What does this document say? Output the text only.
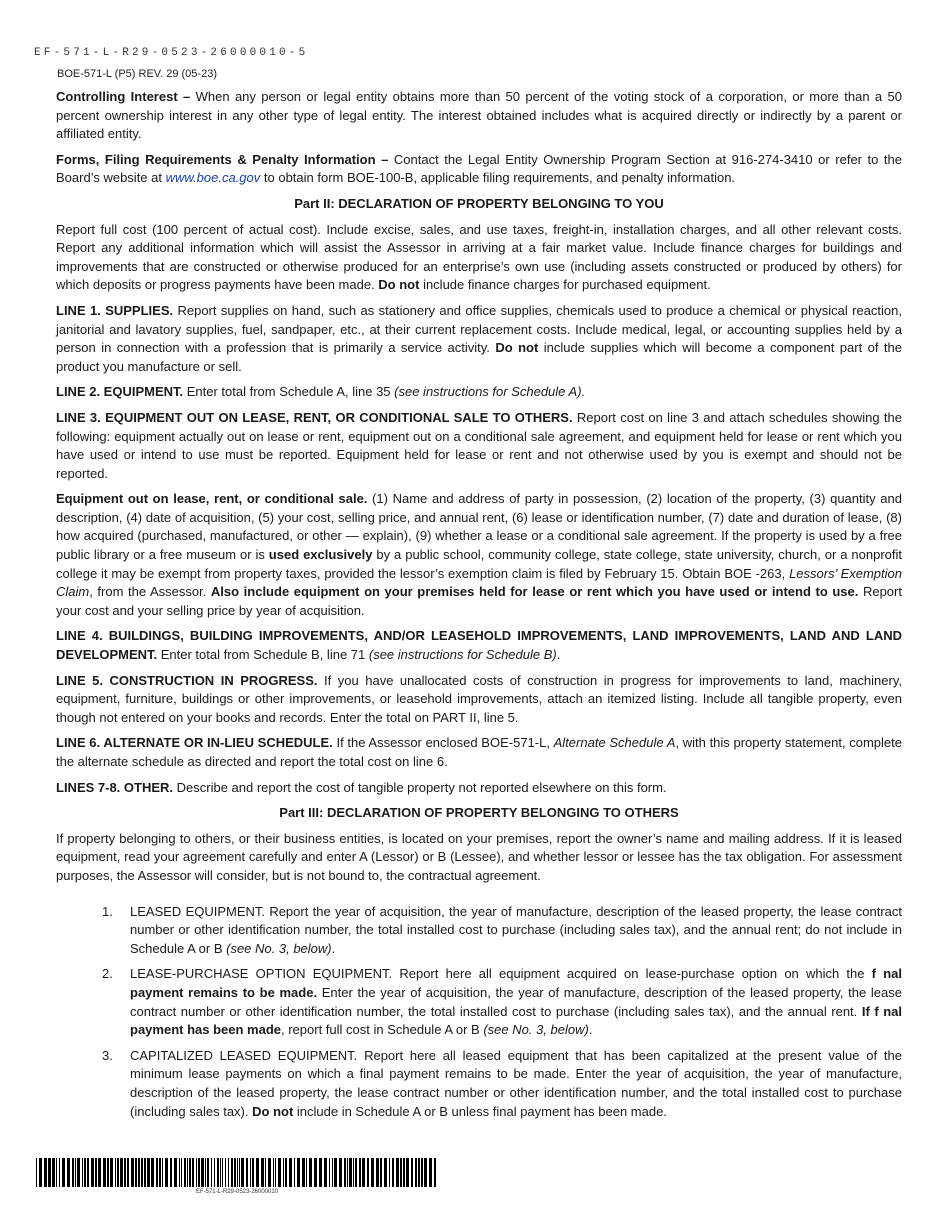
EF-571-L-R29-0523-26000010-5
BOE-571-L (P5) REV. 29 (05-23)

Controlling Interest – When any person or legal entity obtains more than 50 percent of the voting stock of a corporation, or more than a 50 percent ownership interest in any other type of legal entity. The interest obtained includes what is acquired directly or indirectly by a parent or affiliated entity.

Forms, Filing Requirements & Penalty Information – Contact the Legal Entity Ownership Program Section at 916-274-3410 or refer to the Board’s website at www.boe.ca.gov to obtain form BOE-100-B, applicable filing requirements, and penalty information.

Part II: DECLARATION OF PROPERTY BELONGING TO YOU

Report full cost (100 percent of actual cost). Include excise, sales, and use taxes, freight-in, installation charges, and all other relevant costs. Report any additional information which will assist the Assessor in arriving at a fair market value. Include finance charges for buildings and improvements that are constructed or otherwise produced for an enterprise’s own use (including assets constructed or produced by others) for which deposits or progress payments have been made. Do not include finance charges for purchased equipment.

LINE 1. SUPPLIES. Report supplies on hand, such as stationery and office supplies, chemicals used to produce a chemical or physical reaction, janitorial and lavatory supplies, fuel, sandpaper, etc., at their current replacement costs. Include medical, legal, or accounting supplies held by a person in connection with a profession that is primarily a service activity. Do not include supplies which will become a component part of the product you manufacture or sell.

LINE 2. EQUIPMENT. Enter total from Schedule A, line 35 (see instructions for Schedule A).

LINE 3. EQUIPMENT OUT ON LEASE, RENT, OR CONDITIONAL SALE TO OTHERS. Report cost on line 3 and attach schedules showing the following: equipment actually out on lease or rent, equipment out on a conditional sale agreement, and equipment held for lease or rent which you have used or intend to use must be reported. Equipment held for lease or rent and not otherwise used by you is exempt and should not be reported.

Equipment out on lease, rent, or conditional sale. (1) Name and address of party in possession, (2) location of the property, (3) quantity and description, (4) date of acquisition, (5) your cost, selling price, and annual rent, (6) lease or identification number, (7) date and duration of lease, (8) how acquired (purchased, manufactured, or other — explain), (9) whether a lease or a conditional sale agreement. If the property is used by a free public library or a free museum or is used exclusively by a public school, community college, state college, state university, church, or a nonprofit college it may be exempt from property taxes, provided the lessor’s exemption claim is filed by February 15. Obtain BOE -263, Lessors’ Exemption Claim, from the Assessor. Also include equipment on your premises held for lease or rent which you have used or intend to use. Report your cost and your selling price by year of acquisition.

LINE 4. BUILDINGS, BUILDING IMPROVEMENTS, AND/OR LEASEHOLD IMPROVEMENTS, LAND IMPROVEMENTS, LAND AND LAND DEVELOPMENT. Enter total from Schedule B, line 71 (see instructions for Schedule B).

LINE 5. CONSTRUCTION IN PROGRESS. If you have unallocated costs of construction in progress for improvements to land, machinery, equipment, furniture, buildings or other improvements, or leasehold improvements, attach an itemized listing. Include all tangible property, even though not entered on your books and records. Enter the total on PART II, line 5.

LINE 6. ALTERNATE OR IN-LIEU SCHEDULE. If the Assessor enclosed BOE-571-L, Alternate Schedule A, with this property statement, complete the alternate schedule as directed and report the total cost on line 6.

LINES 7-8. OTHER. Describe and report the cost of tangible property not reported elsewhere on this form.

Part III: DECLARATION OF PROPERTY BELONGING TO OTHERS

If property belonging to others, or their business entities, is located on your premises, report the owner’s name and mailing address. If it is leased equipment, read your agreement carefully and enter A (Lessor) or B (Lessee), and whether lessor or lessee has the tax obligation. For assessment purposes, the Assessor will consider, but is not bound to, the contractual agreement.

1. LEASED EQUIPMENT. Report the year of acquisition, the year of manufacture, description of the leased property, the lease contract number or other identification number, the total installed cost to purchase (including sales tax), and the annual rent; do not include in Schedule A or B (see No. 3, below).
2. LEASE-PURCHASE OPTION EQUIPMENT. Report here all equipment acquired on lease-purchase option on which the f nal payment remains to be made. Enter the year of acquisition, the year of manufacture, description of the leased property, the lease contract number or other identification number, the total installed cost to purchase (including sales tax), and the annual rent. If f nal payment has been made, report full cost in Schedule A or B (see No. 3, below).
3. CAPITALIZED LEASED EQUIPMENT. Report here all leased equipment that has been capitalized at the present value of the minimum lease payments on which a final payment remains to be made. Enter the year of acquisition, the year of manufacture, description of the leased property, the lease contract number or other identification number, and the total installed cost to purchase (including sales tax). Do not include in Schedule A or B unless final payment has been made.
EF-571-L-R29-0523-26000010
